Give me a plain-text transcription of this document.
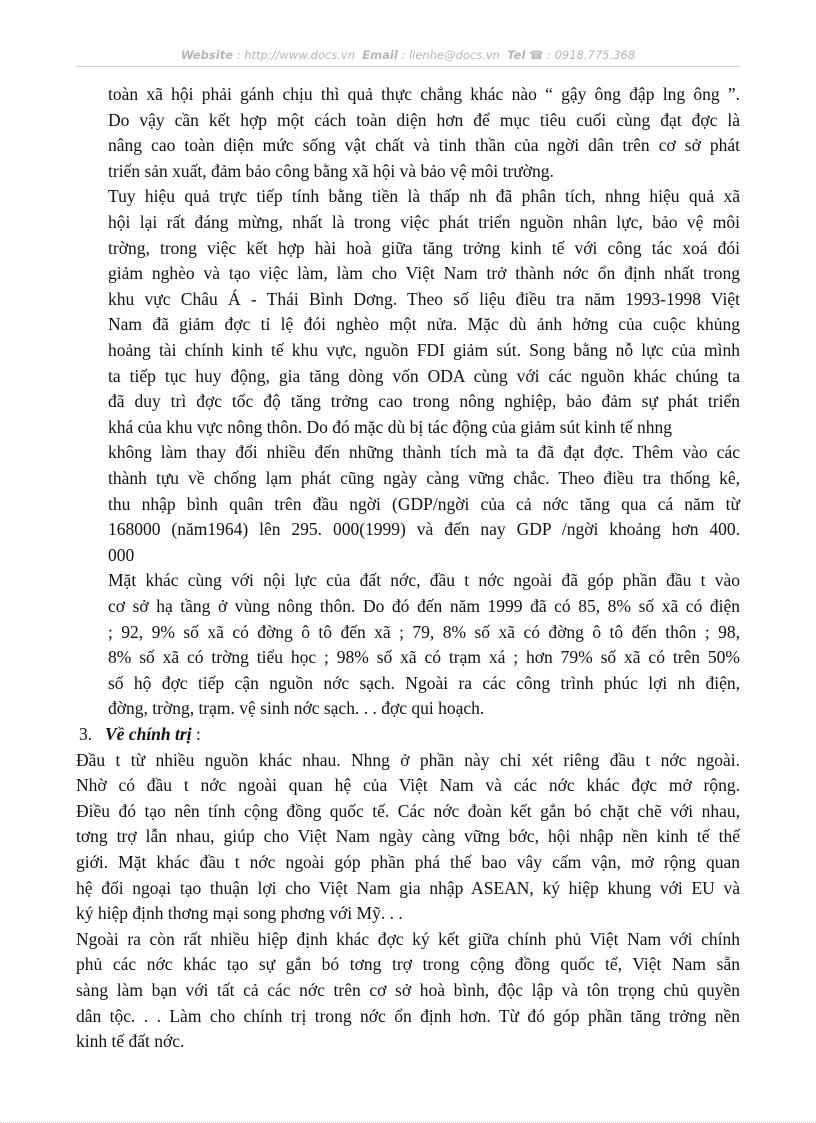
Website : http://www.docs.vn Email : lienhe@docs.vn Tel ☎ : 0918.775.368
toàn xã hội phải gánh chịu thì quả thực chẳng khác nào “ gậy ông đập lng ông ”.
Do vậy cần kết hợp một cách toàn diện hơn để mục tiêu cuối cùng đạt đợc là
nâng cao toàn diện mức sống vật chất và tinh thần của ngời dân trên cơ sở phát
triển sản xuất, đảm bảo công bằng xã hội và bảo vệ môi trường.
Tuy hiệu quả trực tiếp tính bằng tiền là thấp nh đã phân tích, nhng hiệu quả xã
hội lại rất đáng mừng, nhất là trong việc phát triển nguồn nhân lực, bảo vệ môi
trờng, trong việc kết hợp hài hoà giữa tăng trởng kinh tế với công tác xoá đói
giảm nghèo và tạo việc làm, làm cho Việt Nam trở thành nớc ổn định nhất trong
khu vực Châu Á - Thái Bình Dơng. Theo số liệu điều tra năm 1993-1998 Việt
Nam đã giảm đợc tỉ lệ đói nghèo một nửa. Mặc dù ảnh hởng của cuộc khủng
hoảng tài chính kinh tế khu vực, nguồn FDI giảm sút. Song bằng nỗ lực của mình
ta tiếp tục huy động, gia tăng dòng vốn ODA cùng với các nguồn khác chúng ta
đã duy trì đợc tốc độ tăng trởng cao trong nông nghiệp, bảo đảm sự phát triển
khá của khu vực nông thôn. Do đó mặc dù bị tác động của giảm sút kinh tế nhng
không làm thay đổi nhiều đến những thành tích mà ta đã đạt đợc. Thêm vào các
thành tựu về chống lạm phát cũng ngày càng vững chắc. Theo điều tra thống kê,
thu nhập bình quân trên đầu ngời (GDP/ngời của cả nớc tăng qua cá năm từ
168000 (năm1964) lên 295. 000(1999) và đến nay GDP /ngời khoảng hơn 400.
000
Mặt khác cùng với nội lực của đất nớc, đầu t nớc ngoài đã góp phần đầu t vào
cơ sở hạ tầng ở vùng nông thôn. Do đó đến năm 1999 đã có 85, 8% số xã có điện
; 92, 9% số xã có đờng ô tô đến xã ; 79, 8% số xã có đờng ô tô đến thôn ; 98,
8% số xã có trờng tiểu học ; 98% số xã có trạm xá ; hơn 79% số xã có trên 50%
số hộ đợc tiếp cận nguồn nớc sạch. Ngoài ra các công trình phúc lợi nh điện,
đờng, trờng, trạm. vệ sinh nớc sạch. . . đợc qui hoạch.
3. Về chính trị :
Đầu t từ nhiều nguồn khác nhau. Nhng ở phần này chỉ xét riêng đầu t nớc ngoài.
Nhờ có đầu t nớc ngoài quan hệ của Việt Nam và các nớc khác đợc mở rộng.
Điều đó tạo nên tính cộng đồng quốc tế. Các nớc đoàn kết gắn bó chặt chẽ với nhau,
tơng trợ lẫn nhau, giúp cho Việt Nam ngày càng vững bớc, hội nhập nền kinh tế thế
giới. Mặt khác đầu t nớc ngoài góp phần phá thế bao vây cấm vận, mở rộng quan
hệ đối ngoại tạo thuận lợi cho Việt Nam gia nhập ASEAN, ký hiệp khung với EU và
ký hiệp định thơng mại song phơng với Mỹ. . .
Ngoài ra còn rất nhiều hiệp định khác đợc ký kết giữa chính phủ Việt Nam với chính
phủ các nớc khác tạo sự gắn bó tơng trợ trong cộng đồng quốc tế, Việt Nam sẵn
sàng làm bạn với tất cả các nớc trên cơ sở hoà bình, độc lập và tôn trọng chủ quyền
dân tộc. . . Làm cho chính trị trong nớc ổn định hơn. Từ đó góp phần tăng trởng nền
kinh tế đất nớc.
